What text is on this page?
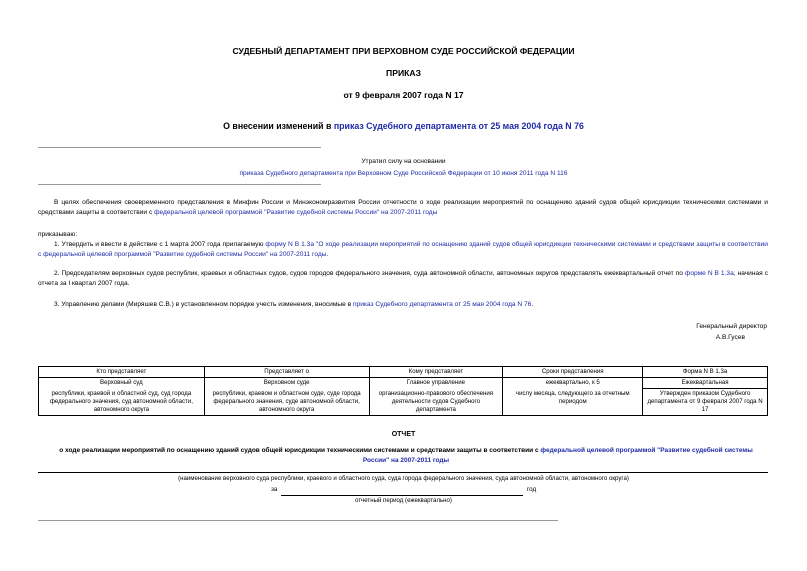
СУДЕБНЫЙ ДЕПАРТАМЕНТ ПРИ ВЕРХОВНОМ СУДЕ РОССИЙСКОЙ ФЕДЕРАЦИИ
ПРИКАЗ
от 9 февраля 2007 года N 17
О внесении изменений в приказ Судебного департамента от 25 мая 2004 года N 76
Утратил силу на основании
приказа Судебного департамента при Верховном Суде Российской Федерации от 10 июня 2011 года N 116
В целях обеспечения своевременного представления в Минфин России и Минэкономразвития России отчетности о ходе реализации мероприятий по оснащению зданий судов общей юрисдикции техническими системами и средствами защиты в соответствии с федеральной целевой программой "Развитие судебной системы России" на 2007-2011 годы
приказываю:
1. Утвердить и ввести в действие с 1 марта 2007 года прилагаемую форму N В 1.3а "О ходе реализации мероприятий по оснащению зданий судов общей юрисдикции техническими системами и средствами защиты в соответствии с федеральной целевой программой "Развитие судебной системы России" на 2007-2011 годы.
2. Председателям верховных судов республик, краевых и областных судов, судов городов федерального значения, суда автономной области, автономных округов представлять ежеквартальный отчет по форме N В 1.3а, начиная с отчета за I квартал 2007 года.
3. Управлению делами (Миряшев С.В.) в установленном порядке учесть изменения, вносимые в приказ Судебного департамента от 25 мая 2004 года N 76.
Генеральный директор
А.В.Гусев
Кто представляет	Представляет о	Кому представляет	Сроки представления	Форма N В 1.3а
Верховный суд	Верховном суде	Главное управление	ежеквартально, к 5	Ежеквартальная
республики, краевой и областной суд, суд города федерального значения, суд автономной области, автономного округа	республики, краевом и областном суде, суде города федерального значения, суде автономной области, автономного округа	организационно-правового обеспечения деятельности судов Судебного департамента	числу месяца, следующего за отчетным периодом	Утвержден приказом Судебного департамента от 9 февраля 2007 года N 17
ОТЧЕТ
о ходе реализации мероприятий по оснащению зданий судов общей юрисдикции техническими системами и средствами защиты в соответствии с федеральной целевой программой "Развитие судебной системы России" на 2007-2011 годы
(наименование верховного суда республики, краевого и областного суда, суда города федерального значения, суда автономной области, автономного округа)
за	год
отчетный период (ежеквартально)
